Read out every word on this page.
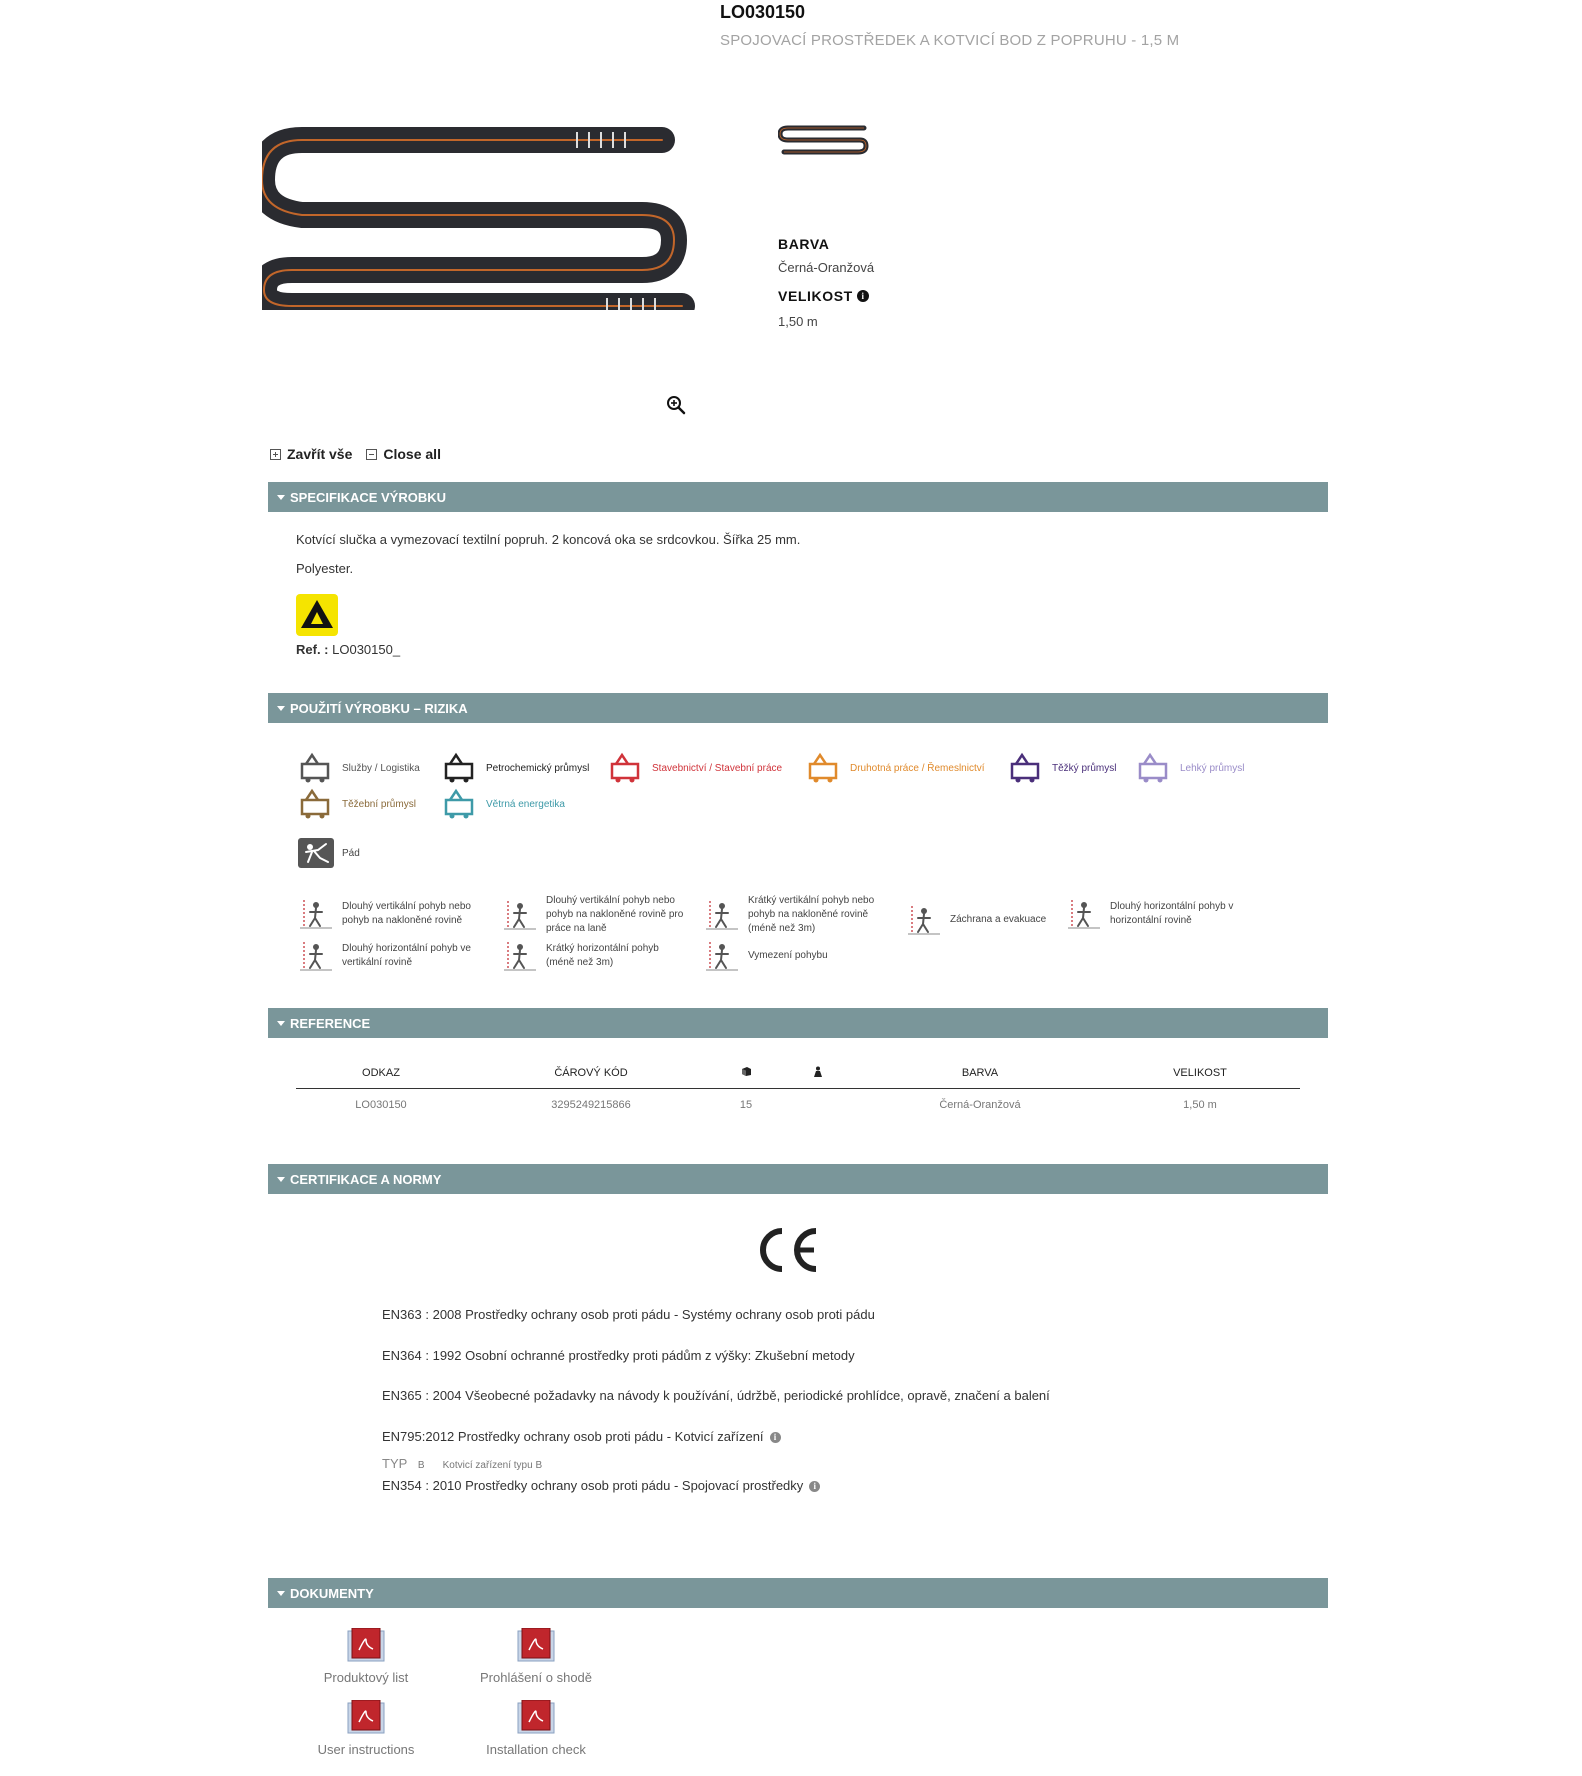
LO030150
SPOJOVACÍ PROSTŘEDEK A KOTVICÍ BOD Z POPRUHU - 1,5 M
BARVA
Černá-Oranžová
VELIKOST i
1,50 m
Zavřít vše Close all
SPECIFIKACE VÝROBKU
Kotvící slučka a vymezovací textilní popruh. 2 koncová oka se srdcovkou. Šířka 25 mm.
Polyester.
Ref. : LO030150_
POUŽITÍ VÝROBKU – RIZIKA
Služby / Logistika	Petrochemický průmysl	Stavebnictví / Stavební práce	Druhotná práce / Řemeslnictví	Těžký průmysl	Lehký průmysl
Těžební průmysl	Větrná energetika
Pád
Dlouhý vertikální pohyb nebo pohyb na nakloněné rovině
Dlouhý vertikální pohyb nebo pohyb na nakloněné rovině pro práce na laně
Krátký vertikální pohyb nebo pohyb na nakloněné rovině (méně než 3m)
Záchrana a evakuace
Dlouhý horizontální pohyb v horizontální rovině
Dlouhý horizontální pohyb ve vertikální rovině
Krátký horizontální pohyb (méně než 3m)
Vymezení pohybu
REFERENCE
ODKAZ	ČÁROVÝ KÓD			BARVA	VELIKOST
LO030150	3295249215866	15		Černá-Oranžová	1,50 m
CERTIFIKACE A NORMY
EN363 : 2008 Prostředky ochrany osob proti pádu - Systémy ochrany osob proti pádu
EN364 : 1992 Osobní ochranné prostředky proti pádům z výšky: Zkušební metody
EN365 : 2004 Všeobecné požadavky na návody k používání, údržbě, periodické prohlídce, opravě, značení a balení
EN795:2012 Prostředky ochrany osob proti pádu - Kotvicí zařízení i
TYP B Kotvicí zařízení typu B
EN354 : 2010 Prostředky ochrany osob proti pádu - Spojovací prostředky i
DOKUMENTY
Produktový list	Prohlášení o shodě
User instructions	Installation check
